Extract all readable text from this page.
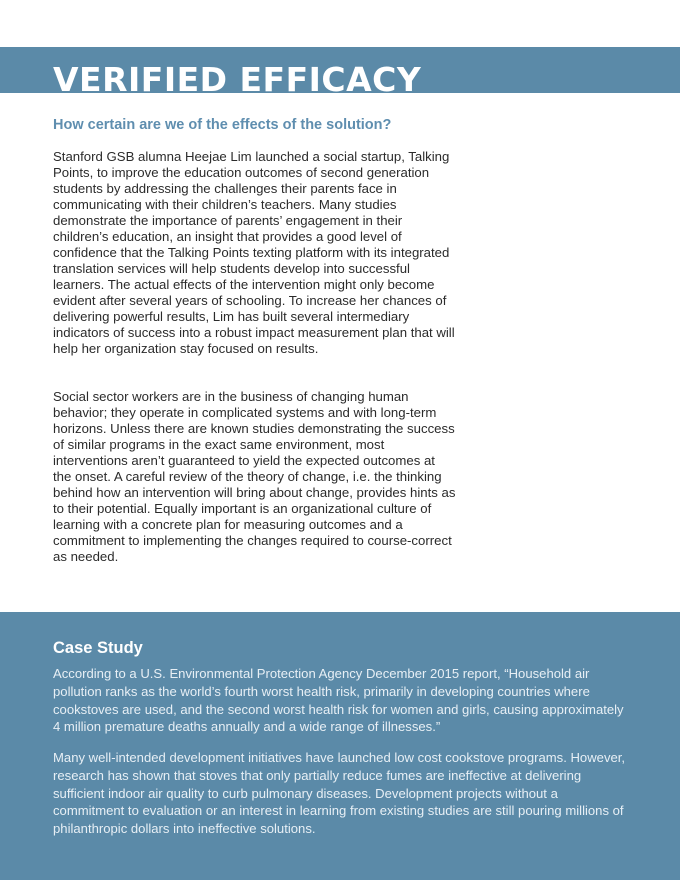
VERIFIED EFFICACY
How certain are we of the effects of the solution?

Stanford GSB alumna Heejae Lim launched a social startup, Talking Points, to improve the education outcomes of second generation students by addressing the challenges their parents face in communicating with their children’s teachers. Many studies demonstrate the importance of parents’ engagement in their children’s education, an insight that provides a good level of confidence that the Talking Points texting platform with its integrated translation services will help students develop into successful learners. The actual effects of the intervention might only become evident after several years of schooling. To increase her chances of delivering powerful results, Lim has built several intermediary indicators of success into a robust impact measurement plan that will help her organization stay focused on results.

Social sector workers are in the business of changing human behavior; they operate in complicated systems and with long-term horizons. Unless there are known studies demonstrating the success of similar programs in the exact same environment, most interventions aren’t guaranteed to yield the expected outcomes at the onset. A careful review of the theory of change, i.e. the thinking behind how an intervention will bring about change, provides hints as to their potential. Equally important is an organizational culture of learning with a concrete plan for measuring outcomes and a commitment to implementing the changes required to course-correct as needed.

Case Study

According to a U.S. Environmental Protection Agency December 2015 report, “Household air pollution ranks as the world’s fourth worst health risk, primarily in developing countries where cookstoves are used, and the second worst health risk for women and girls, causing approximately 4 million premature deaths annually and a wide range of illnesses.”

Many well-intended development initiatives have launched low cost cookstove programs. However, research has shown that stoves that only partially reduce fumes are ineffective at delivering sufficient indoor air quality to curb pulmonary diseases. Development projects without a commitment to evaluation or an interest in learning from existing studies are still pouring millions of philanthropic dollars into ineffective solutions.
